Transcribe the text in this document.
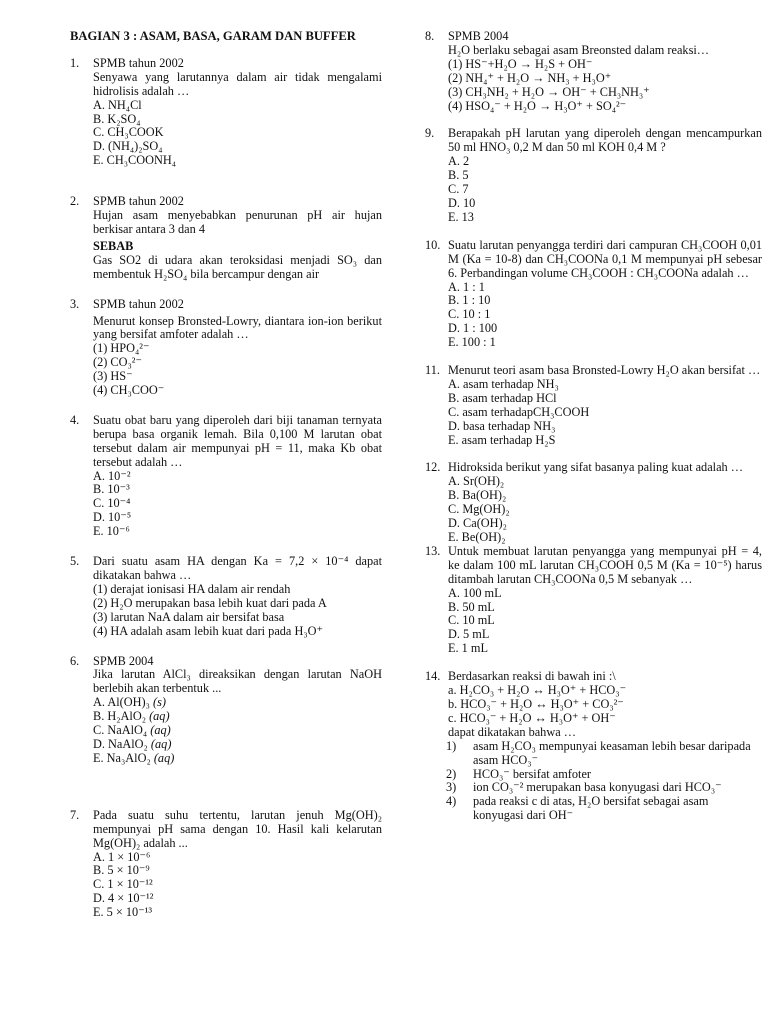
BAGIAN 3 : ASAM, BASA, GARAM DAN BUFFER
1. SPMB tahun 2002
Senyawa yang larutannya dalam air tidak mengalami hidrolisis adalah …
A. NH₄Cl
B. K₂SO₄
C. CH₃COOK
D. (NH₄)₂SO₄
E. CH₃COONH₄
2. SPMB tahun 2002
Hujan asam menyebabkan penurunan pH air hujan berkisar antara 3 dan 4
SEBAB
Gas SO2 di udara akan teroksidasi menjadi SO₃ dan membentuk H₂SO₄ bila bercampur dengan air
3. SPMB tahun 2002
Menurut konsep Bronsted-Lowry, diantara ion-ion berikut yang bersifat amfoter adalah …
(1) HPO₄²⁻
(2) CO₃²⁻
(3) HS⁻
(4) CH₃COO⁻
4. Suatu obat baru yang diperoleh dari biji tanaman ternyata berupa basa organik lemah. Bila 0,100 M larutan obat tersebut dalam air mempunyai pH = 11, maka Kb obat tersebut adalah …
A. 10⁻²
B. 10⁻³
C. 10⁻⁴
D. 10⁻⁵
E. 10⁻⁶
5. Dari suatu asam HA dengan Ka = 7,2 × 10⁻⁴ dapat dikatakan bahwa …
(1) derajat ionisasi HA dalam air rendah
(2) H₂O merupakan basa lebih kuat dari pada A
(3) larutan NaA dalam air bersifat basa
(4) HA adalah asam lebih kuat dari pada H₃O⁺
6. SPMB 2004
Jika larutan AlCl₃ direaksikan dengan larutan NaOH berlebih akan terbentuk ...
A. Al(OH)₃ (s)
B. H₂AlO₂ (aq)
C. NaAlO₄ (aq)
D. NaAlO₂ (aq)
E. Na₃AlO₂ (aq)
7. Pada suatu suhu tertentu, larutan jenuh Mg(OH)₂ mempunyai pH sama dengan 10. Hasil kali kelarutan Mg(OH)₂ adalah ...
A. 1 × 10⁻⁶
B. 5 × 10⁻⁹
C. 1 × 10⁻¹²
D. 4 × 10⁻¹²
E. 5 × 10⁻¹³
8. SPMB 2004
H₂O berlaku sebagai asam Breonsted dalam reaksi…
(1) HS⁻+H₂O → H₂S + OH⁻
(2) NH₄⁺ + H₂O → NH₃ + H₃O⁺
(3) CH₃NH₂ + H₂O → OH⁻ + CH₃NH₃⁺
(4) HSO₄⁻ + H₂O → H₃O⁺ + SO₄²⁻
9. Berapakah pH larutan yang diperoleh dengan mencampurkan 50 ml HNO₃ 0,2 M dan 50 ml KOH 0,4 M ?
A. 2
B. 5
C. 7
D. 10
E. 13
10. Suatu larutan penyangga terdiri dari campuran CH₃COOH 0,01 M (Ka = 10-8) dan CH₃COONa 0,1 M mempunyai pH sebesar 6. Perbandingan volume CH₃COOH : CH₃COONa adalah …
A. 1 : 1
B. 1 : 10
C. 10 : 1
D. 1 : 100
E. 100 : 1
11. Menurut teori asam basa Bronsted-Lowry H₂O akan bersifat …
A. asam terhadap NH₃
B. asam terhadap HCl
C. asam terhadapCH₃COOH
D. basa terhadap NH₃
E. asam terhadap H₂S
12. Hidroksida berikut yang sifat basanya paling kuat adalah …
A. Sr(OH)₂
B. Ba(OH)₂
C. Mg(OH)₂
D. Ca(OH)₂
E. Be(OH)₂
13. Untuk membuat larutan penyangga yang mempunyai pH = 4, ke dalam 100 mL larutan CH₃COOH 0,5 M (Ka = 10⁻⁵) harus ditambah larutan CH₃COONa 0,5 M sebanyak …
A. 100 mL
B. 50 mL
C. 10 mL
D. 5 mL
E. 1 mL
14. Berdasarkan reaksi di bawah ini :\
a. H₂CO₃ + H₂O ↔ H₃O⁺ + HCO₃⁻
b. HCO₃⁻ + H₂O ↔ H₃O⁺ + CO₃²⁻
c. HCO₃⁻ + H₂O ↔ H₃O⁺ + OH⁻
dapat dikatakan bahwa …
1) asam H₂CO₃ mempunyai keasaman lebih besar daripada asam HCO₃⁻
2) HCO₃⁻ bersifat amfoter
3) ion CO₃⁻² merupakan basa konyugasi dari HCO₃⁻
4) pada reaksi c di atas, H₂O bersifat sebagai asam konyugasi dari OH⁻
